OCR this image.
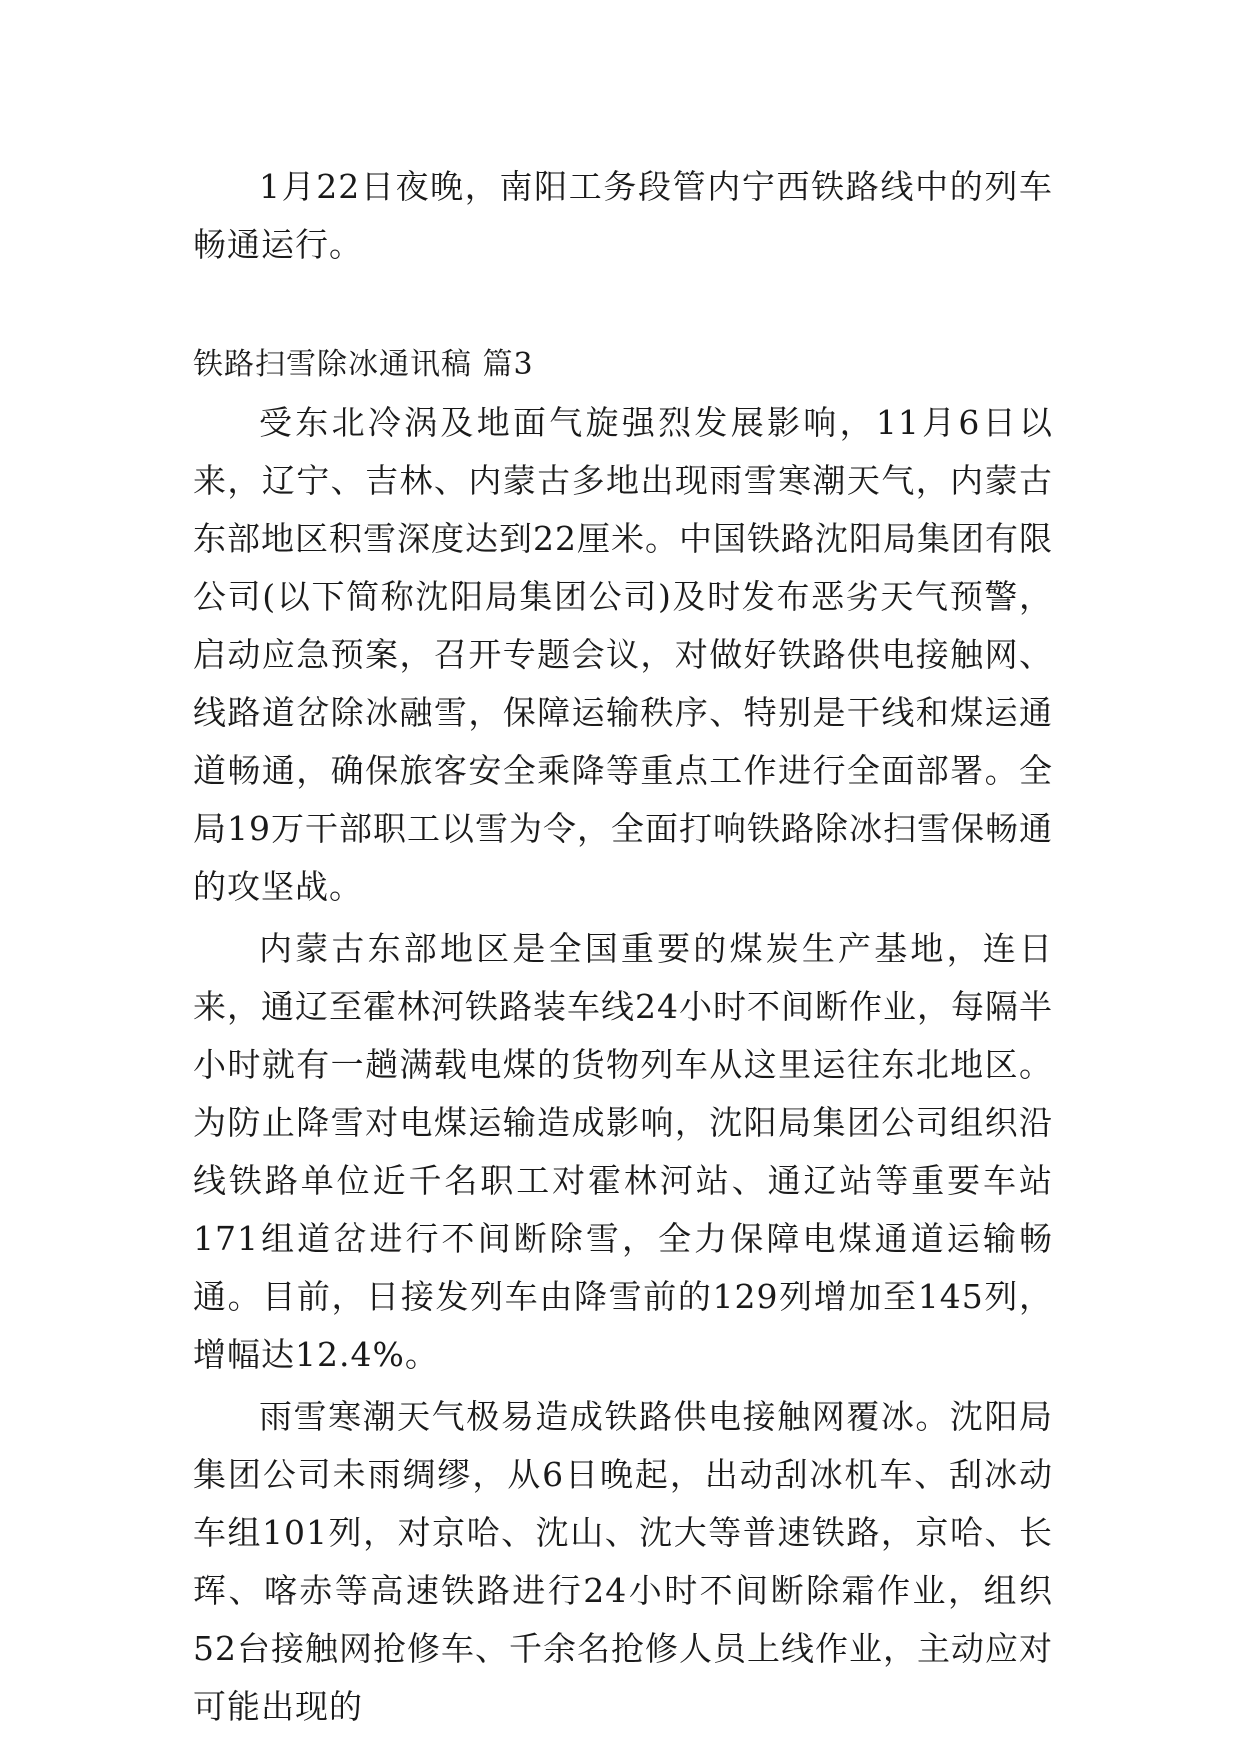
1月22日夜晚，南阳工务段管内宁西铁路线中的列车畅通运行。

铁路扫雪除冰通讯稿 篇3

受东北冷涡及地面气旋强烈发展影响，11月6日以来，辽宁、吉林、内蒙古多地出现雨雪寒潮天气，内蒙古东部地区积雪深度达到22厘米。中国铁路沈阳局集团有限公司(以下简称沈阳局集团公司)及时发布恶劣天气预警，启动应急预案，召开专题会议，对做好铁路供电接触网、线路道岔除冰融雪，保障运输秩序、特别是干线和煤运通道畅通，确保旅客安全乘降等重点工作进行全面部署。全局19万干部职工以雪为令，全面打响铁路除冰扫雪保畅通的攻坚战。

内蒙古东部地区是全国重要的煤炭生产基地，连日来，通辽至霍林河铁路装车线24小时不间断作业，每隔半小时就有一趟满载电煤的货物列车从这里运往东北地区。为防止降雪对电煤运输造成影响，沈阳局集团公司组织沿线铁路单位近千名职工对霍林河站、通辽站等重要车站171组道岔进行不间断除雪，全力保障电煤通道运输畅通。目前，日接发列车由降雪前的129列增加至145列，增幅达12.4%。

雨雪寒潮天气极易造成铁路供电接触网覆冰。沈阳局集团公司未雨绸缪，从6日晚起，出动刮冰机车、刮冰动车组101列，对京哈、沈山、沈大等普速铁路，京哈、长珲、喀赤等高速铁路进行24小时不间断除霜作业，组织52台接触网抢修车、千余名抢修人员上线作业，主动应对可能出现的
